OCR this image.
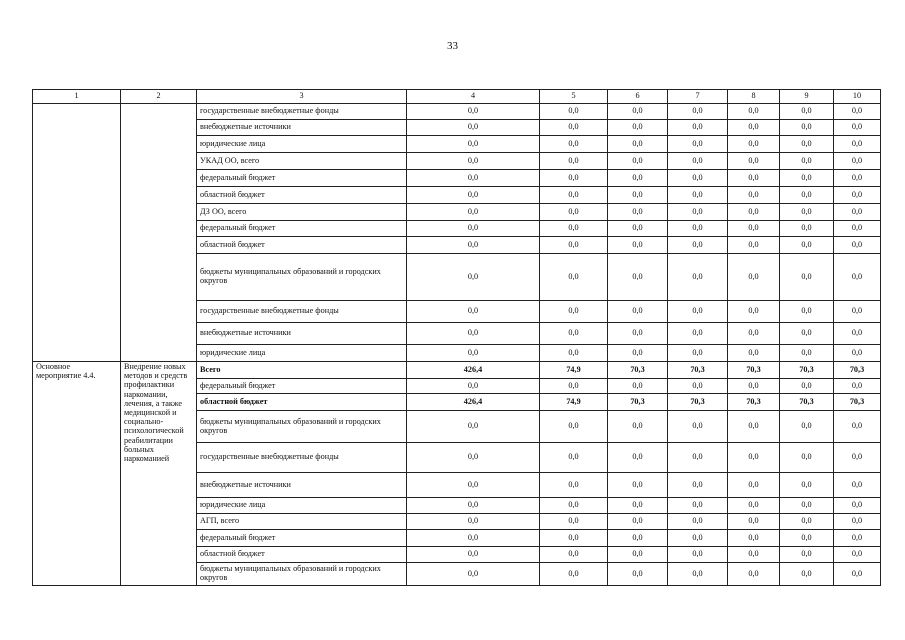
33
1	2	3	4	5	6	7	8	9	10
		государственные внебюджетные фонды	0,0	0,0	0,0	0,0	0,0	0,0	0,0
		внебюджетные источники	0,0	0,0	0,0	0,0	0,0	0,0	0,0
		юридические лица	0,0	0,0	0,0	0,0	0,0	0,0	0,0
		УКАД ОО, всего	0,0	0,0	0,0	0,0	0,0	0,0	0,0
		федеральный бюджет	0,0	0,0	0,0	0,0	0,0	0,0	0,0
		областной бюджет	0,0	0,0	0,0	0,0	0,0	0,0	0,0
		ДЗ ОО, всего	0,0	0,0	0,0	0,0	0,0	0,0	0,0
		федеральный бюджет	0,0	0,0	0,0	0,0	0,0	0,0	0,0
		областной бюджет	0,0	0,0	0,0	0,0	0,0	0,0	0,0
		бюджеты муниципальных образований и городских округов	0,0	0,0	0,0	0,0	0,0	0,0	0,0
		государственные внебюджетные фонды	0,0	0,0	0,0	0,0	0,0	0,0	0,0
		внебюджетные источники	0,0	0,0	0,0	0,0	0,0	0,0	0,0
		юридические лица	0,0	0,0	0,0	0,0	0,0	0,0	0,0
Основное мероприятие 4.4.	Внедрение новых методов и средств профилактики наркомании, лечения, а также медицинской и социально-психологической реабилитации больных наркоманией	Всего	426,4	74,9	70,3	70,3	70,3	70,3	70,3
		федеральный бюджет	0,0	0,0	0,0	0,0	0,0	0,0	0,0
		областной бюджет	426,4	74,9	70,3	70,3	70,3	70,3	70,3
		бюджеты муниципальных образований и городских округов	0,0	0,0	0,0	0,0	0,0	0,0	0,0
		государственные внебюджетные фонды	0,0	0,0	0,0	0,0	0,0	0,0	0,0
		внебюджетные источники	0,0	0,0	0,0	0,0	0,0	0,0	0,0
		юридические лица	0,0	0,0	0,0	0,0	0,0	0,0	0,0
		АГП, всего	0,0	0,0	0,0	0,0	0,0	0,0	0,0
		федеральный бюджет	0,0	0,0	0,0	0,0	0,0	0,0	0,0
		областной бюджет	0,0	0,0	0,0	0,0	0,0	0,0	0,0
		бюджеты муниципальных образований и городских округов	0,0	0,0	0,0	0,0	0,0	0,0	0,0
